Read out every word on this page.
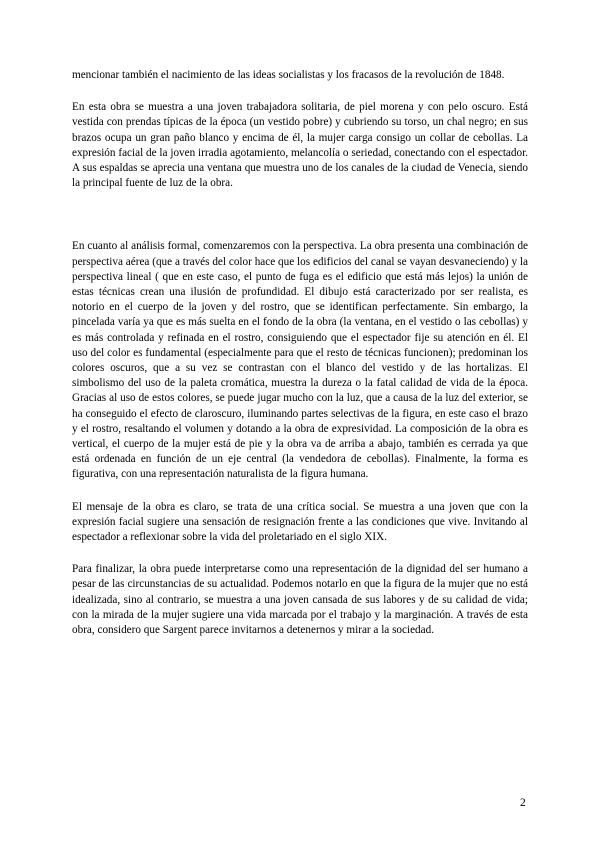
mencionar también el nacimiento de las ideas socialistas y los fracasos de la revolución de 1848.

En esta obra se muestra a una joven trabajadora solitaria, de piel morena y con pelo oscuro. Está vestida con prendas típicas de la época (un vestido pobre) y cubriendo su torso, un chal negro; en sus brazos ocupa un gran paño blanco y encima de él, la mujer carga consigo un collar de cebollas. La expresión facial de la joven irradia agotamiento, melancolía o seriedad, conectando con el espectador. A sus espaldas se aprecia una ventana que muestra uno de los canales de la ciudad de Venecia, siendo la principal fuente de luz de la obra.

En cuanto al análisis formal, comenzaremos con la perspectiva. La obra presenta una combinación de perspectiva aérea (que a través del color hace que los edificios del canal se vayan desvaneciendo) y la perspectiva lineal ( que en este caso, el punto de fuga es el edificio que está más lejos) la unión de estas técnicas crean una ilusión de profundidad. El dibujo está caracterizado por ser realista, es notorio en el cuerpo de la joven y del rostro, que se identifican perfectamente. Sin embargo, la pincelada varía ya que es más suelta en el fondo de la obra (la ventana, en el vestido o las cebollas) y es más controlada y refinada en el rostro, consiguiendo que el espectador fije su atención en él. El uso del color es fundamental (especialmente para que el resto de técnicas funcionen); predominan los colores oscuros, que a su vez se contrastan con el blanco del vestido y de las hortalizas. El simbolismo del uso de la paleta cromática, muestra la dureza o la fatal calidad de vida de la época. Gracias al uso de estos colores, se puede jugar mucho con la luz, que a causa de la luz del exterior, se ha conseguido el efecto de claroscuro, iluminando partes selectivas de la figura, en este caso el brazo y el rostro, resaltando el volumen y dotando a la obra de expresividad. La composición de la obra es vertical, el cuerpo de la mujer está de pie y la obra va de arriba a abajo, también es cerrada ya que está ordenada en función de un eje central (la vendedora de cebollas). Finalmente, la forma es figurativa, con una representación naturalista de la figura humana.

El mensaje de la obra es claro, se trata de una crítica social. Se muestra a una joven que con la expresión facial sugiere una sensación de resignación frente a las condiciones que vive. Invitando al espectador a reflexionar sobre la vida del proletariado en el siglo XIX.

Para finalizar, la obra puede interpretarse como una representación de la dignidad del ser humano a pesar de las circunstancias de su actualidad. Podemos notarlo en que la figura de la mujer que no está idealizada, sino al contrario, se muestra a una joven cansada de sus labores y de su calidad de vida; con la mirada de la mujer sugiere una vida marcada por el trabajo y la marginación. A través de esta obra, considero que Sargent parece invitarnos a detenernos y mirar a la sociedad.

2
